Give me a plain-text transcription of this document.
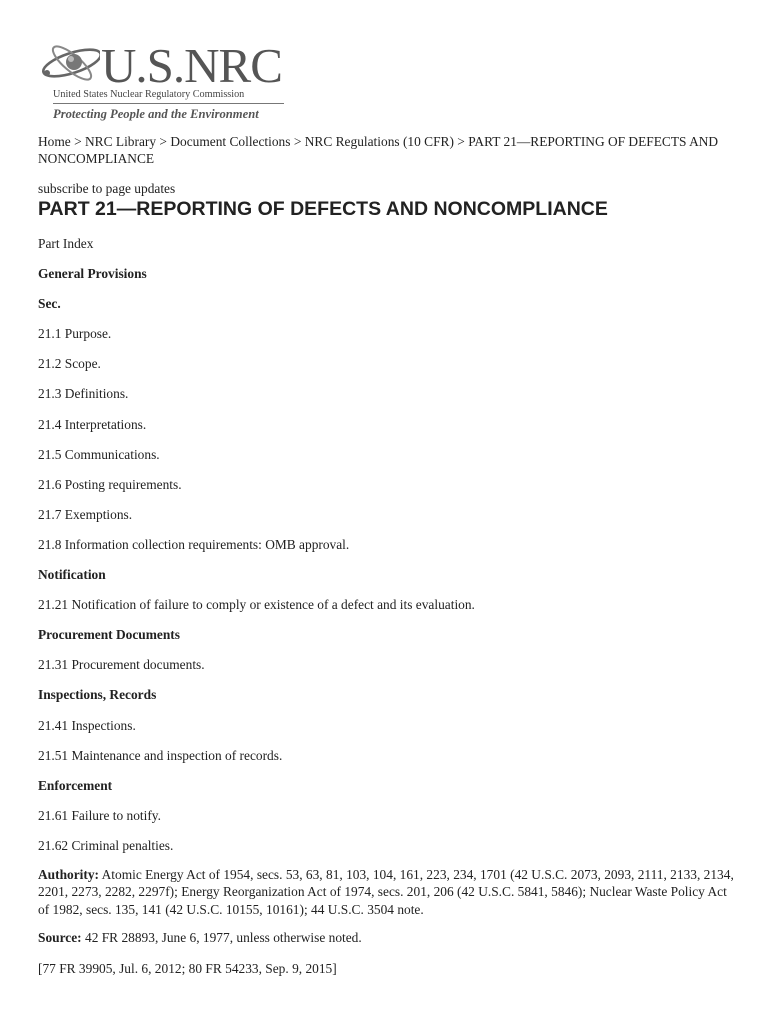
U.S.NRC
United States Nuclear Regulatory Commission
Protecting People and the Environment
Home > NRC Library > Document Collections > NRC Regulations (10 CFR) > PART 21—REPORTING OF DEFECTS AND NONCOMPLIANCE
subscribe to page updates
PART 21—REPORTING OF DEFECTS AND NONCOMPLIANCE
Part Index
General Provisions
Sec.
21.1 Purpose.
21.2 Scope.
21.3 Definitions.
21.4 Interpretations.
21.5 Communications.
21.6 Posting requirements.
21.7 Exemptions.
21.8 Information collection requirements: OMB approval.
Notification
21.21 Notification of failure to comply or existence of a defect and its evaluation.
Procurement Documents
21.31 Procurement documents.
Inspections, Records
21.41 Inspections.
21.51 Maintenance and inspection of records.
Enforcement
21.61 Failure to notify.
21.62 Criminal penalties.

Authority: Atomic Energy Act of 1954, secs. 53, 63, 81, 103, 104, 161, 223, 234, 1701 (42 U.S.C. 2073, 2093, 2111, 2133, 2134, 2201, 2273, 2282, 2297f); Energy Reorganization Act of 1974, secs. 201, 206 (42 U.S.C. 5841, 5846); Nuclear Waste Policy Act of 1982, secs. 135, 141 (42 U.S.C. 10155, 10161); 44 U.S.C. 3504 note.

Source: 42 FR 28893, June 6, 1977, unless otherwise noted.

[77 FR 39905, Jul. 6, 2012; 80 FR 54233, Sep. 9, 2015]
